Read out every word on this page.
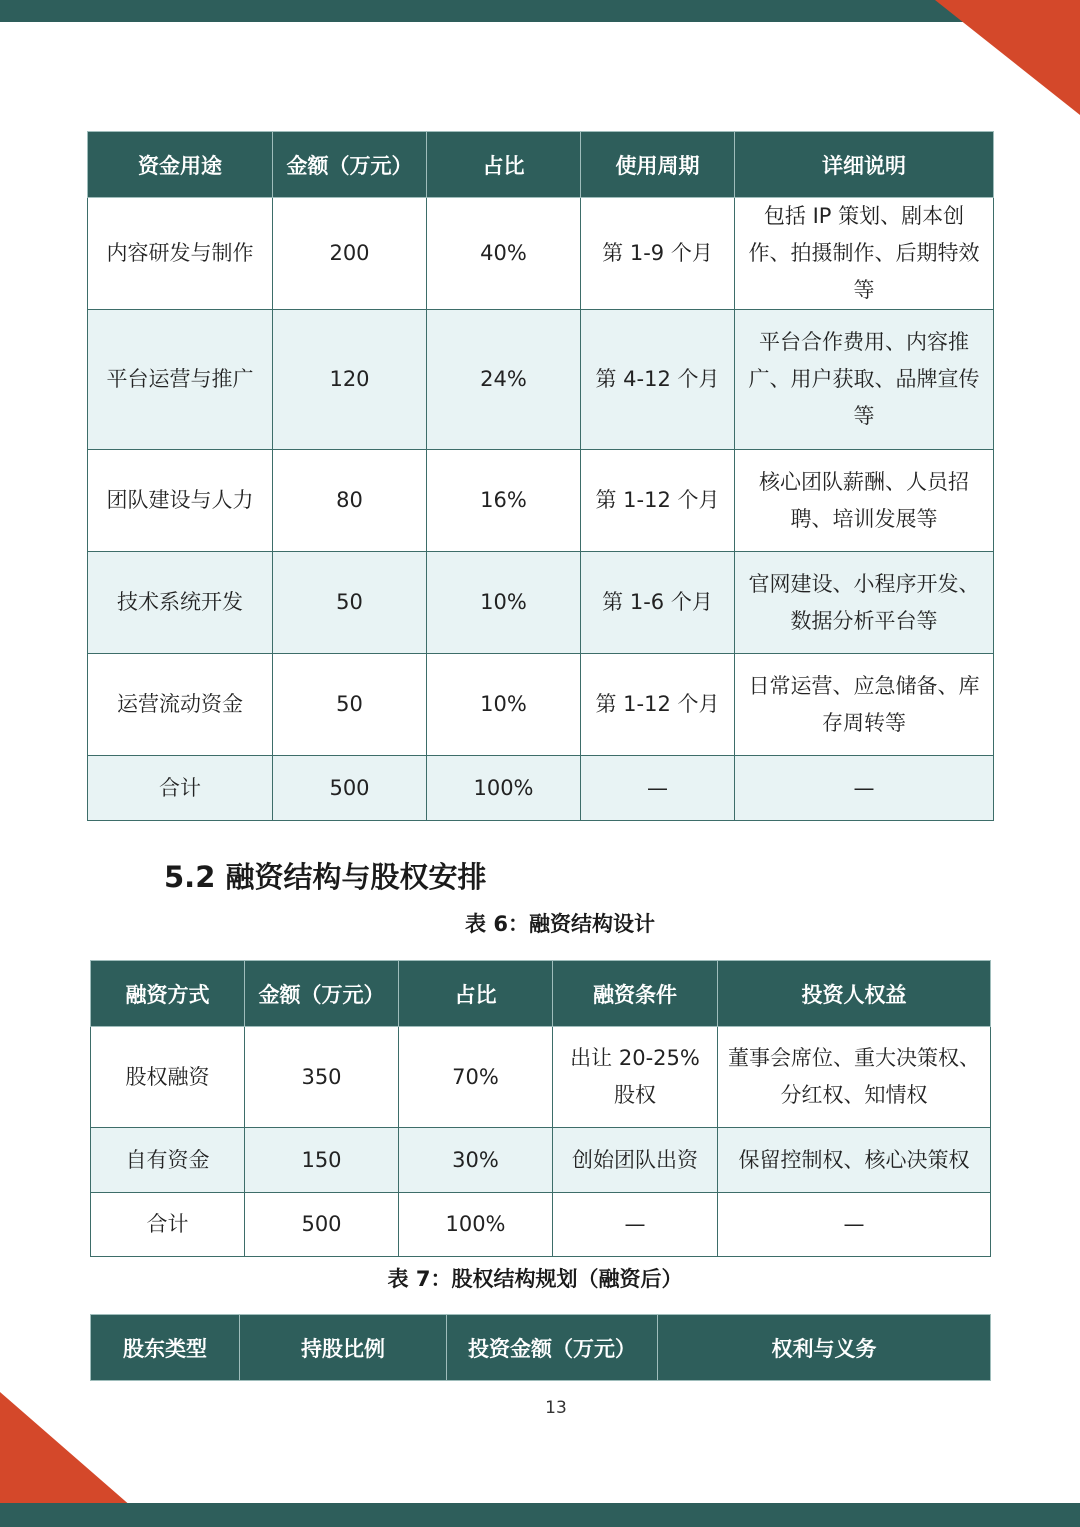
资金用途	金额（万元）	占比	使用周期	详细说明
内容研发与制作	200	40%	第 1-9 个月	包括 IP 策划、剧本创作、拍摄制作、后期特效等
平台运营与推广	120	24%	第 4-12 个月	平台合作费用、内容推广、用户获取、品牌宣传等
团队建设与人力	80	16%	第 1-12 个月	核心团队薪酬、人员招聘、培训发展等
技术系统开发	50	10%	第 1-6 个月	官网建设、小程序开发、数据分析平台等
运营流动资金	50	10%	第 1-12 个月	日常运营、应急储备、库存周转等
合计	500	100%	—	—
5.2 融资结构与股权安排
表 6：融资结构设计
融资方式	金额（万元）	占比	融资条件	投资人权益
股权融资	350	70%	出让 20-25%股权	董事会席位、重大决策权、分红权、知情权
自有资金	150	30%	创始团队出资	保留控制权、核心决策权
合计	500	100%	—	—
表 7：股权结构规划（融资后）
股东类型	持股比例	投资金额（万元）	权利与义务
13
